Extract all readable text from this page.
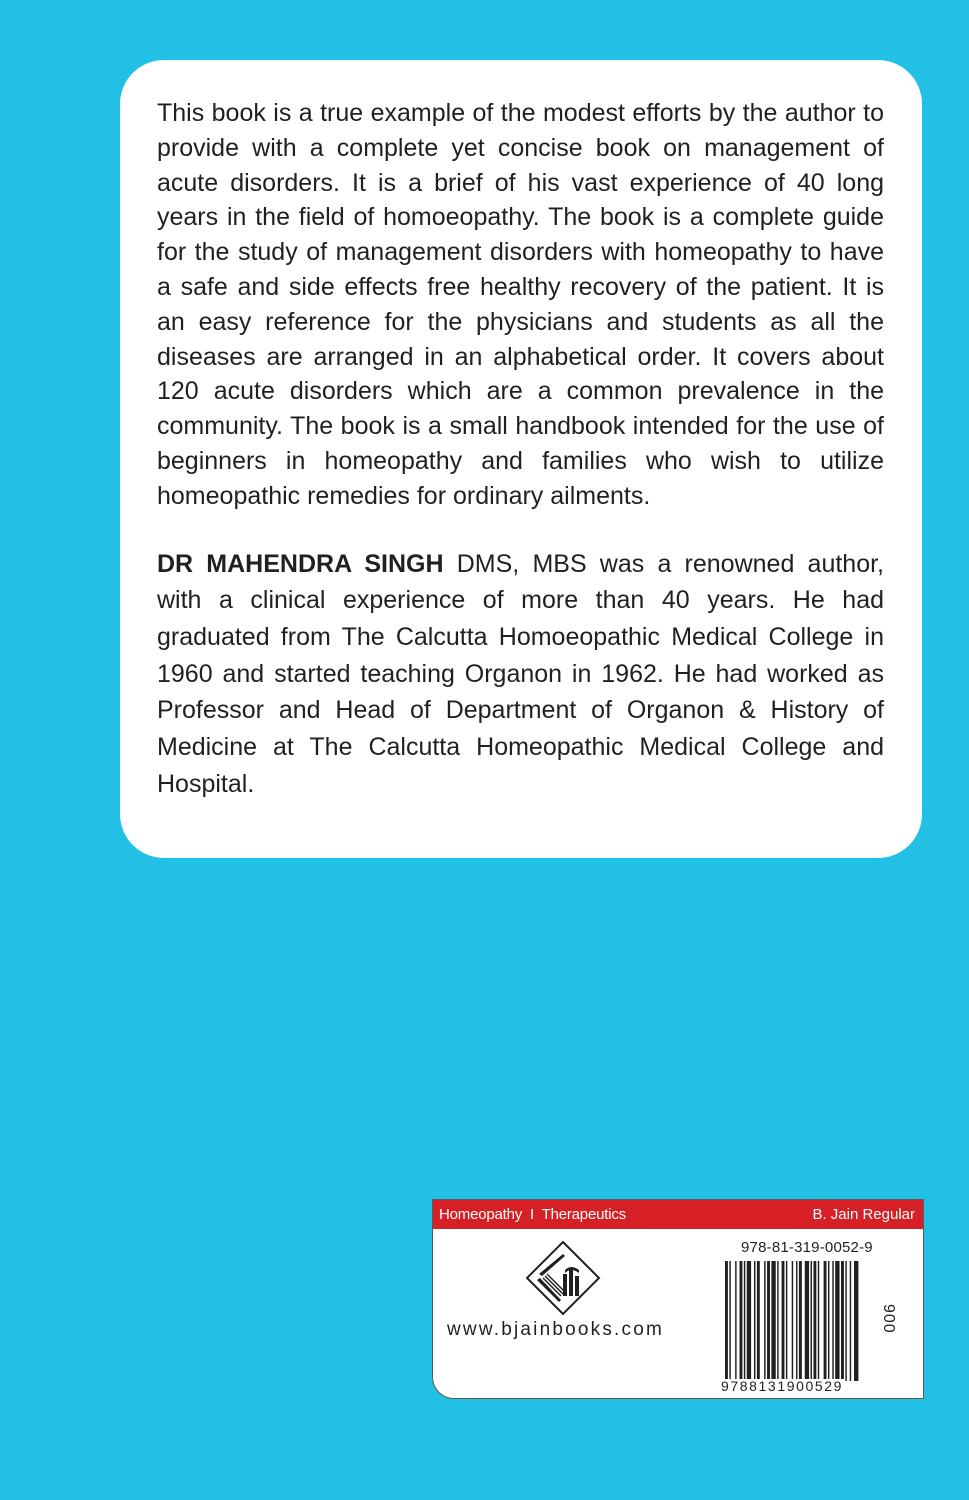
This book is a true example of the modest efforts by the author to provide with a complete yet concise book on management of acute disorders. It is a brief of his vast experience of 40 long years in the field of homoeopathy. The book is a complete guide for the study of management disorders with homeopathy to have a safe and side effects free healthy recovery of the patient. It is an easy reference for the physicians and students as all the diseases are arranged in an alphabetical order. It covers about 120 acute disorders which are a common prevalence in the community. The book is a small handbook intended for the use of beginners in homeopathy and families who wish to utilize homeopathic remedies for ordinary ailments.

DR MAHENDRA SINGH DMS, MBS was a renowned author, with a clinical experience of more than 40 years. He had graduated from The Calcutta Homoeopathic Medical College in 1960 and started teaching Organon in 1962. He had worked as Professor and Head of Department of Organon & History of Medicine at The Calcutta Homeopathic Medical College and Hospital.

Homeopathy  I  Therapeutics	B. Jain Regular
www.bjainbooks.com
978-81-319-0052-9
9788131900529
900
